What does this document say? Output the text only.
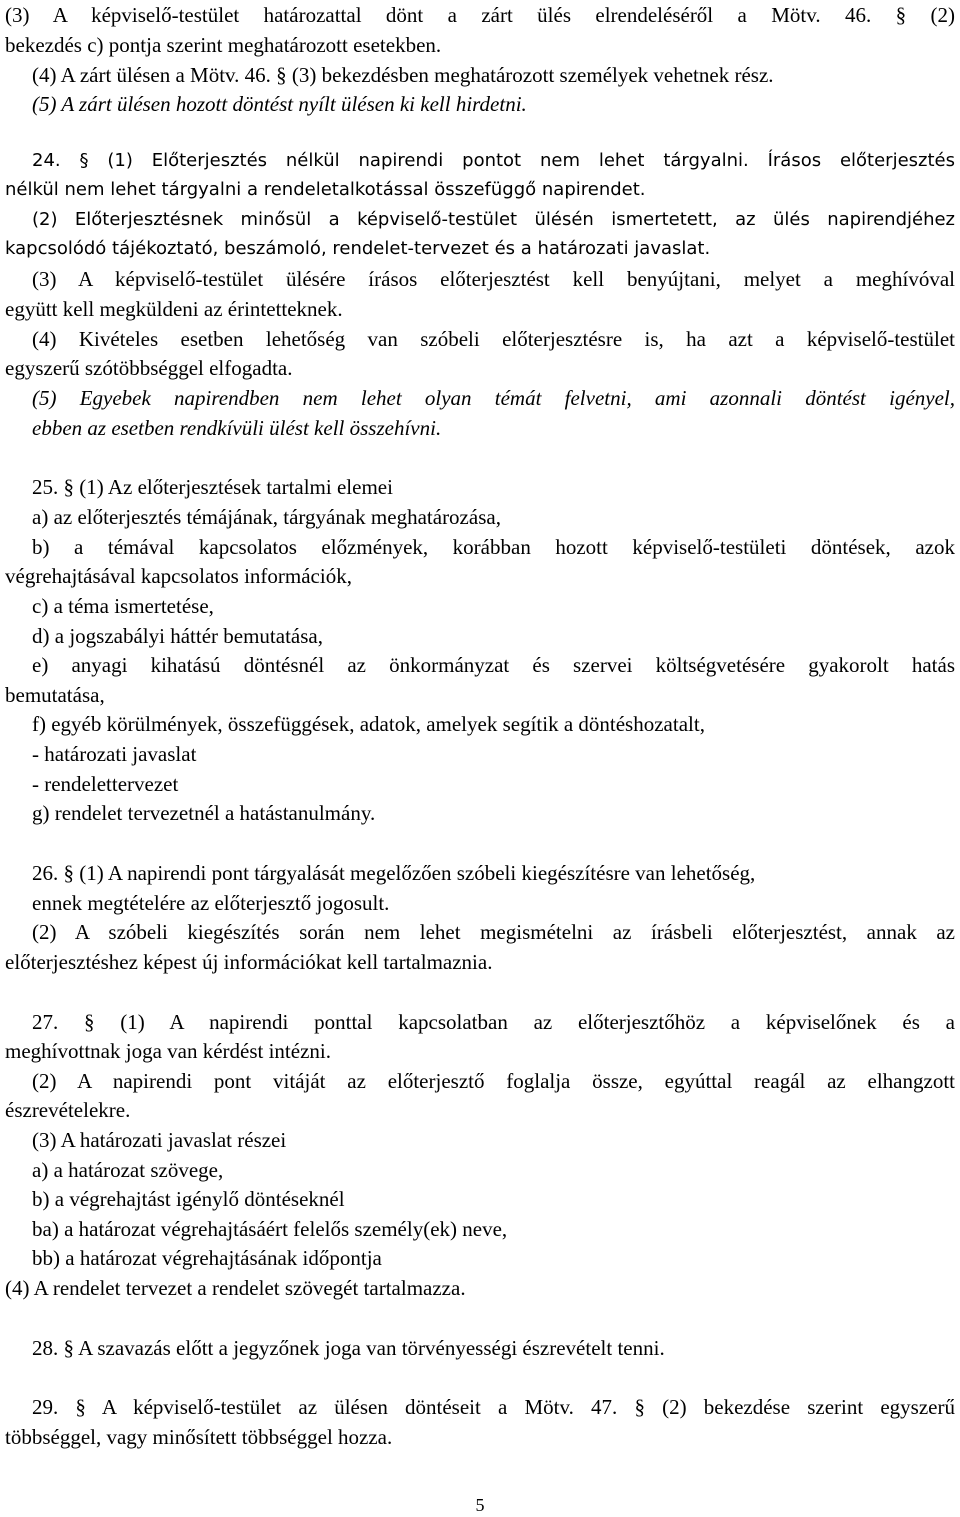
(3) A képviselő-testület határozattal dönt a zárt ülés elrendeléséről a Mötv. 46. § (2)
bekezdés c) pontja szerint meghatározott esetekben.
(4) A zárt ülésen a Mötv. 46. § (3) bekezdésben meghatározott személyek vehetnek rész.
(5) A zárt ülésen hozott döntést nyílt ülésen ki kell hirdetni.
24. § (1) Előterjesztés nélkül napirendi pontot nem lehet tárgyalni. Írásos előterjesztés
nélkül nem lehet tárgyalni a rendeletalkotással összefüggő napirendet.
(2) Előterjesztésnek minősül a képviselő-testület ülésén ismertetett, az ülés napirendjéhez
kapcsolódó tájékoztató, beszámoló, rendelet-tervezet és a határozati javaslat.
(3) A képviselő-testület ülésére írásos előterjesztést kell benyújtani, melyet a meghívóval
együtt kell megküldeni az érintetteknek.
(4) Kivételes esetben lehetőség van szóbeli előterjesztésre is, ha azt a képviselő-testület
egyszerű szótöbbséggel elfogadta.
(5) Egyebek napirendben nem lehet olyan témát felvetni, ami azonnali döntést igényel,
ebben az esetben rendkívüli ülést kell összehívni.
25. § (1) Az előterjesztések tartalmi elemei
a) az előterjesztés témájának, tárgyának meghatározása,
b) a témával kapcsolatos előzmények, korábban hozott képviselő-testületi döntések, azok
végrehajtásával kapcsolatos információk,
c) a téma ismertetése,
d) a jogszabályi háttér bemutatása,
e) anyagi kihatású döntésnél az önkormányzat és szervei költségvetésére gyakorolt hatás
bemutatása,
f) egyéb körülmények, összefüggések, adatok, amelyek segítik a döntéshozatalt,
- határozati javaslat
- rendelettervezet
g) rendelet tervezetnél a hatástanulmány.
26. § (1) A napirendi pont tárgyalását megelőzően szóbeli kiegészítésre van lehetőség,
ennek megtételére az előterjesztő jogosult.
(2) A szóbeli kiegészítés során nem lehet megismételni az írásbeli előterjesztést, annak az
előterjesztéshez képest új információkat kell tartalmaznia.
27. § (1) A napirendi ponttal kapcsolatban az előterjesztőhöz a képviselőnek és a
meghívottnak joga van kérdést intézni.
(2) A napirendi pont vitáját az előterjesztő foglalja össze, egyúttal reagál az elhangzott
észrevételekre.
(3) A határozati javaslat részei
a) a határozat szövege,
b) a végrehajtást igénylő döntéseknél
ba) a határozat végrehajtásáért felelős személy(ek) neve,
bb) a határozat végrehajtásának időpontja
(4) A rendelet tervezet a rendelet szövegét tartalmazza.
28. § A szavazás előtt a jegyzőnek joga van törvényességi észrevételt tenni.
29. § A képviselő-testület az ülésen döntéseit a Mötv. 47. § (2) bekezdése szerint egyszerű
többséggel, vagy minősített többséggel hozza.
5
